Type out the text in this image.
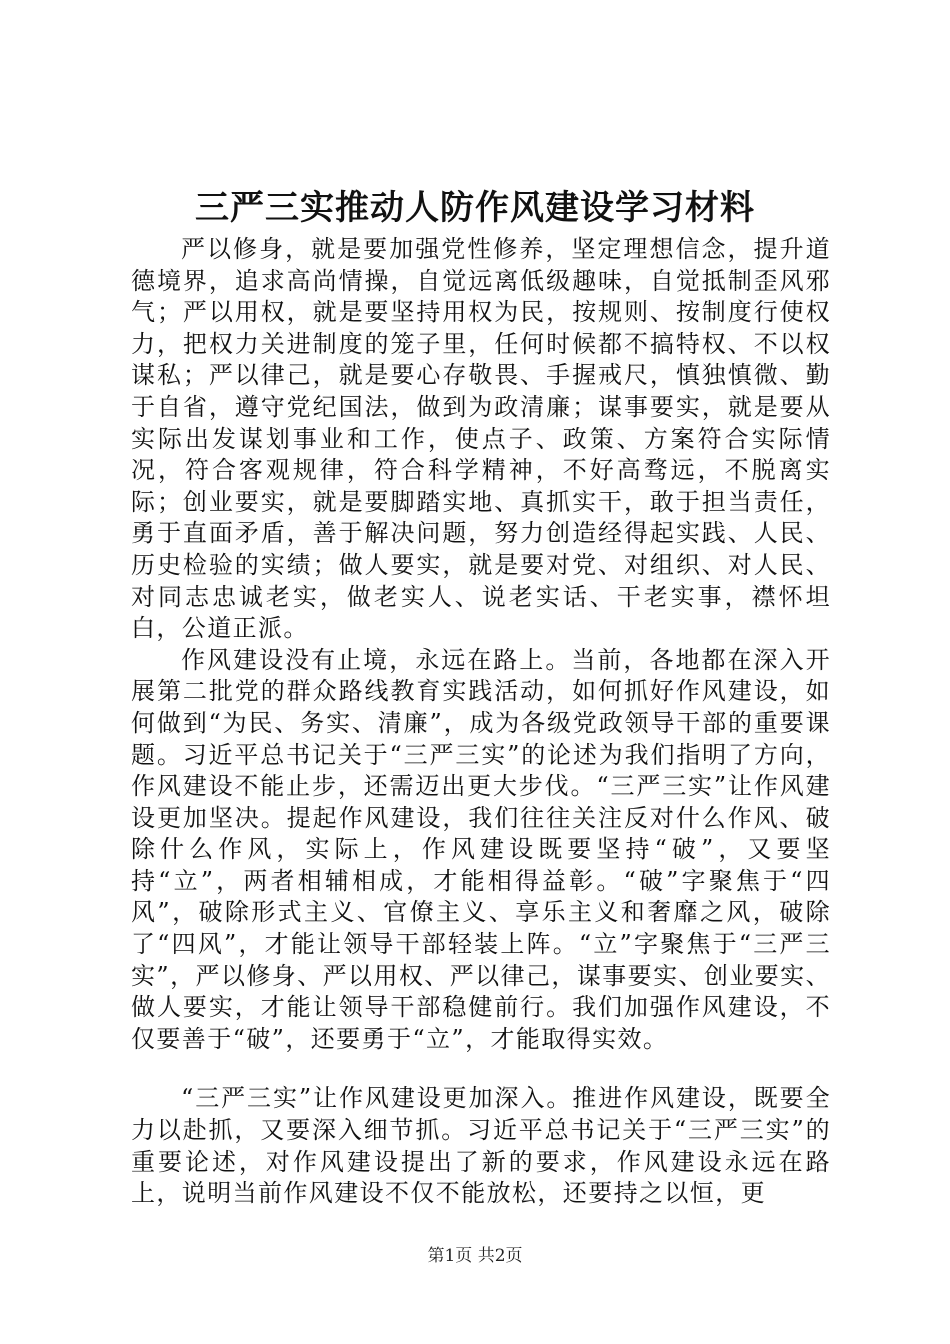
三严三实推动人防作风建设学习材料

严以修身，就是要加强党性修养，坚定理想信念，提升道德境界，追求高尚情操，自觉远离低级趣味，自觉抵制歪风邪气；严以用权，就是要坚持用权为民，按规则、按制度行使权力，把权力关进制度的笼子里，任何时候都不搞特权、不以权谋私；严以律己，就是要心存敬畏、手握戒尺，慎独慎微、勤于自省，遵守党纪国法，做到为政清廉；谋事要实，就是要从实际出发谋划事业和工作，使点子、政策、方案符合实际情况，符合客观规律，符合科学精神，不好高骛远，不脱离实际；创业要实，就是要脚踏实地、真抓实干，敢于担当责任，勇于直面矛盾，善于解决问题，努力创造经得起实践、人民、历史检验的实绩；做人要实，就是要对党、对组织、对人民、对同志忠诚老实，做老实人、说老实话、干老实事，襟怀坦白，公道正派。

作风建设没有止境，永远在路上。当前，各地都在深入开展第二批党的群众路线教育实践活动，如何抓好作风建设，如何做到“为民、务实、清廉”，成为各级党政领导干部的重要课题。习近平总书记关于“三严三实”的论述为我们指明了方向，作风建设不能止步，还需迈出更大步伐。“三严三实”让作风建设更加坚决。提起作风建设，我们往往关注反对什么作风、破除什么作风，实际上，作风建设既要坚持“破”，又要坚持“立”，两者相辅相成，才能相得益彰。“破”字聚焦于“四风”，破除形式主义、官僚主义、享乐主义和奢靡之风，破除了“四风”，才能让领导干部轻装上阵。“立”字聚焦于“三严三实”，严以修身、严以用权、严以律己，谋事要实、创业要实、做人要实，才能让领导干部稳健前行。我们加强作风建设，不仅要善于“破”，还要勇于“立”，才能取得实效。

“三严三实”让作风建设更加深入。推进作风建设，既要全力以赴抓，又要深入细节抓。习近平总书记关于“三严三实”的重要论述，对作风建设提出了新的要求，作风建设永远在路上，说明当前作风建设不仅不能放松，还要持之以恒，更

第1页 共2页
